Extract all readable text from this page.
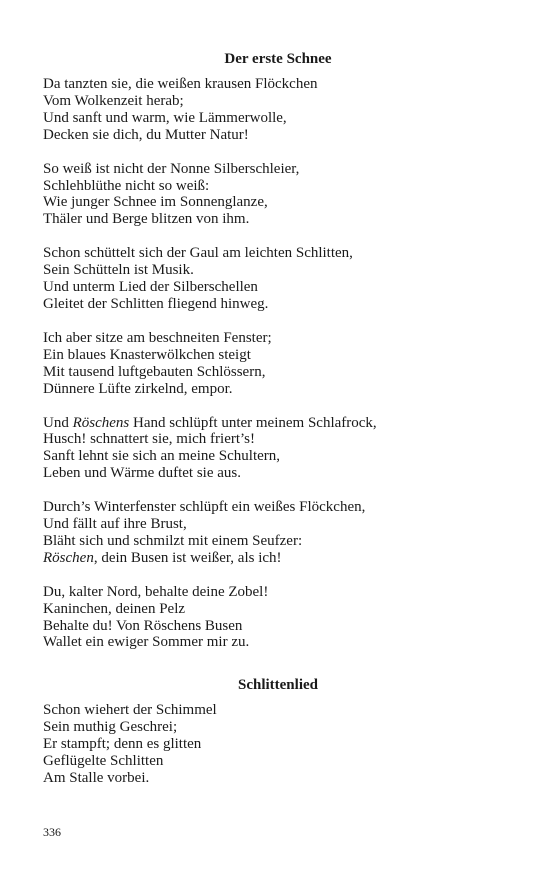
Der erste Schnee
Da tanzten sie, die weißen krausen Flöckchen
Vom Wolkenzeit herab;
Und sanft und warm, wie Lämmerwolle,
Decken sie dich, du Mutter Natur!
So weiß ist nicht der Nonne Silberschleier,
Schlehblüthe nicht so weiß:
Wie junger Schnee im Sonnenglanze,
Thäler und Berge blitzen von ihm.
Schon schüttelt sich der Gaul am leichten Schlitten,
Sein Schütteln ist Musik.
Und unterm Lied der Silberschellen
Gleitet der Schlitten fliegend hinweg.
Ich aber sitze am beschneiten Fenster;
Ein blaues Knasterwölkchen steigt
Mit tausend luftgebauten Schlössern,
Dünnere Lüfte zirkelnd, empor.
Und Röschens Hand schlüpft unter meinem Schlafrock,
Husch! schnattert sie, mich friert’s!
Sanft lehnt sie sich an meine Schultern,
Leben und Wärme duftet sie aus.
Durch’s Winterfenster schlüpft ein weißes Flöckchen,
Und fällt auf ihre Brust,
Bläht sich und schmilzt mit einem Seufzer:
Röschen, dein Busen ist weißer, als ich!
Du, kalter Nord, behalte deine Zobel!
Kaninchen, deinen Pelz
Behalte du! Von Röschens Busen
Wallet ein ewiger Sommer mir zu.
Schlittenlied
Schon wiehert der Schimmel
Sein muthig Geschrei;
Er stampft; denn es glitten
Geflügelte Schlitten
Am Stalle vorbei.
336
